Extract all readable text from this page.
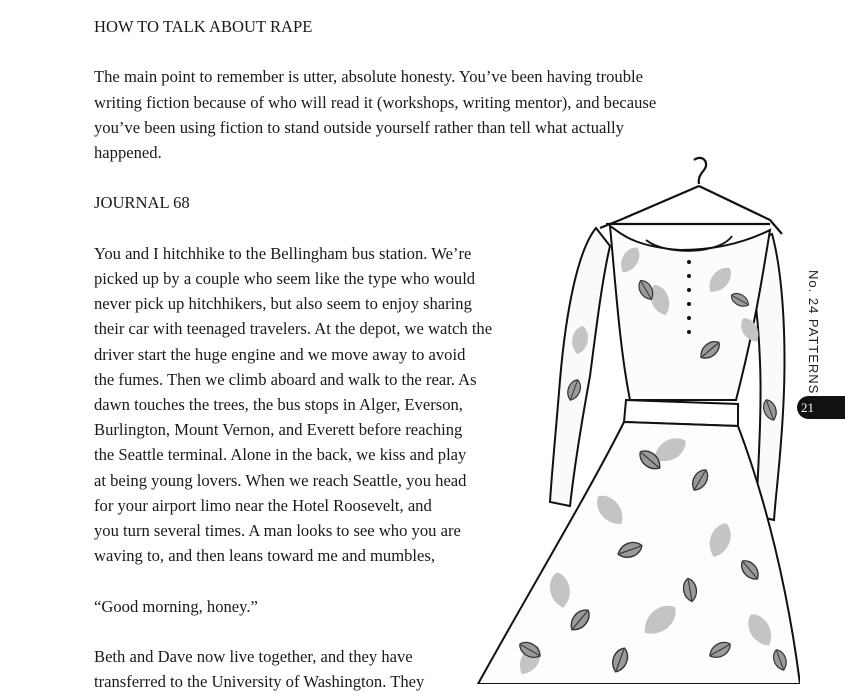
HOW TO TALK ABOUT RAPE

The main point to remember is utter, absolute honesty. You’ve been having trouble
writing fiction because of who will read it (workshops, writing mentor), and because
you’ve been using fiction to stand outside yourself rather than tell what actually
happened.

JOURNAL 68

You and I hitchhike to the Bellingham bus station. We’re
picked up by a couple who seem like the type who would
never pick up hitchhikers, but also seem to enjoy sharing
their car with teenaged travelers. At the depot, we watch the
driver start the huge engine and we move away to avoid
the fumes. Then we climb aboard and walk to the rear. As
dawn touches the trees, the bus stops in Alger, Everson,
Burlington, Mount Vernon, and Everett before reaching
the Seattle terminal. Alone in the back, we kiss and play
at being young lovers. When we reach Seattle, you head
for your airport limo near the Hotel Roosevelt, and
you turn several times. A man looks to see who you are
waving to, and then leans toward me and mumbles,

“Good morning, honey.”

Beth and Dave now live together, and they have
transferred to the University of Washington. They

No. 24 PATTERNS
21
